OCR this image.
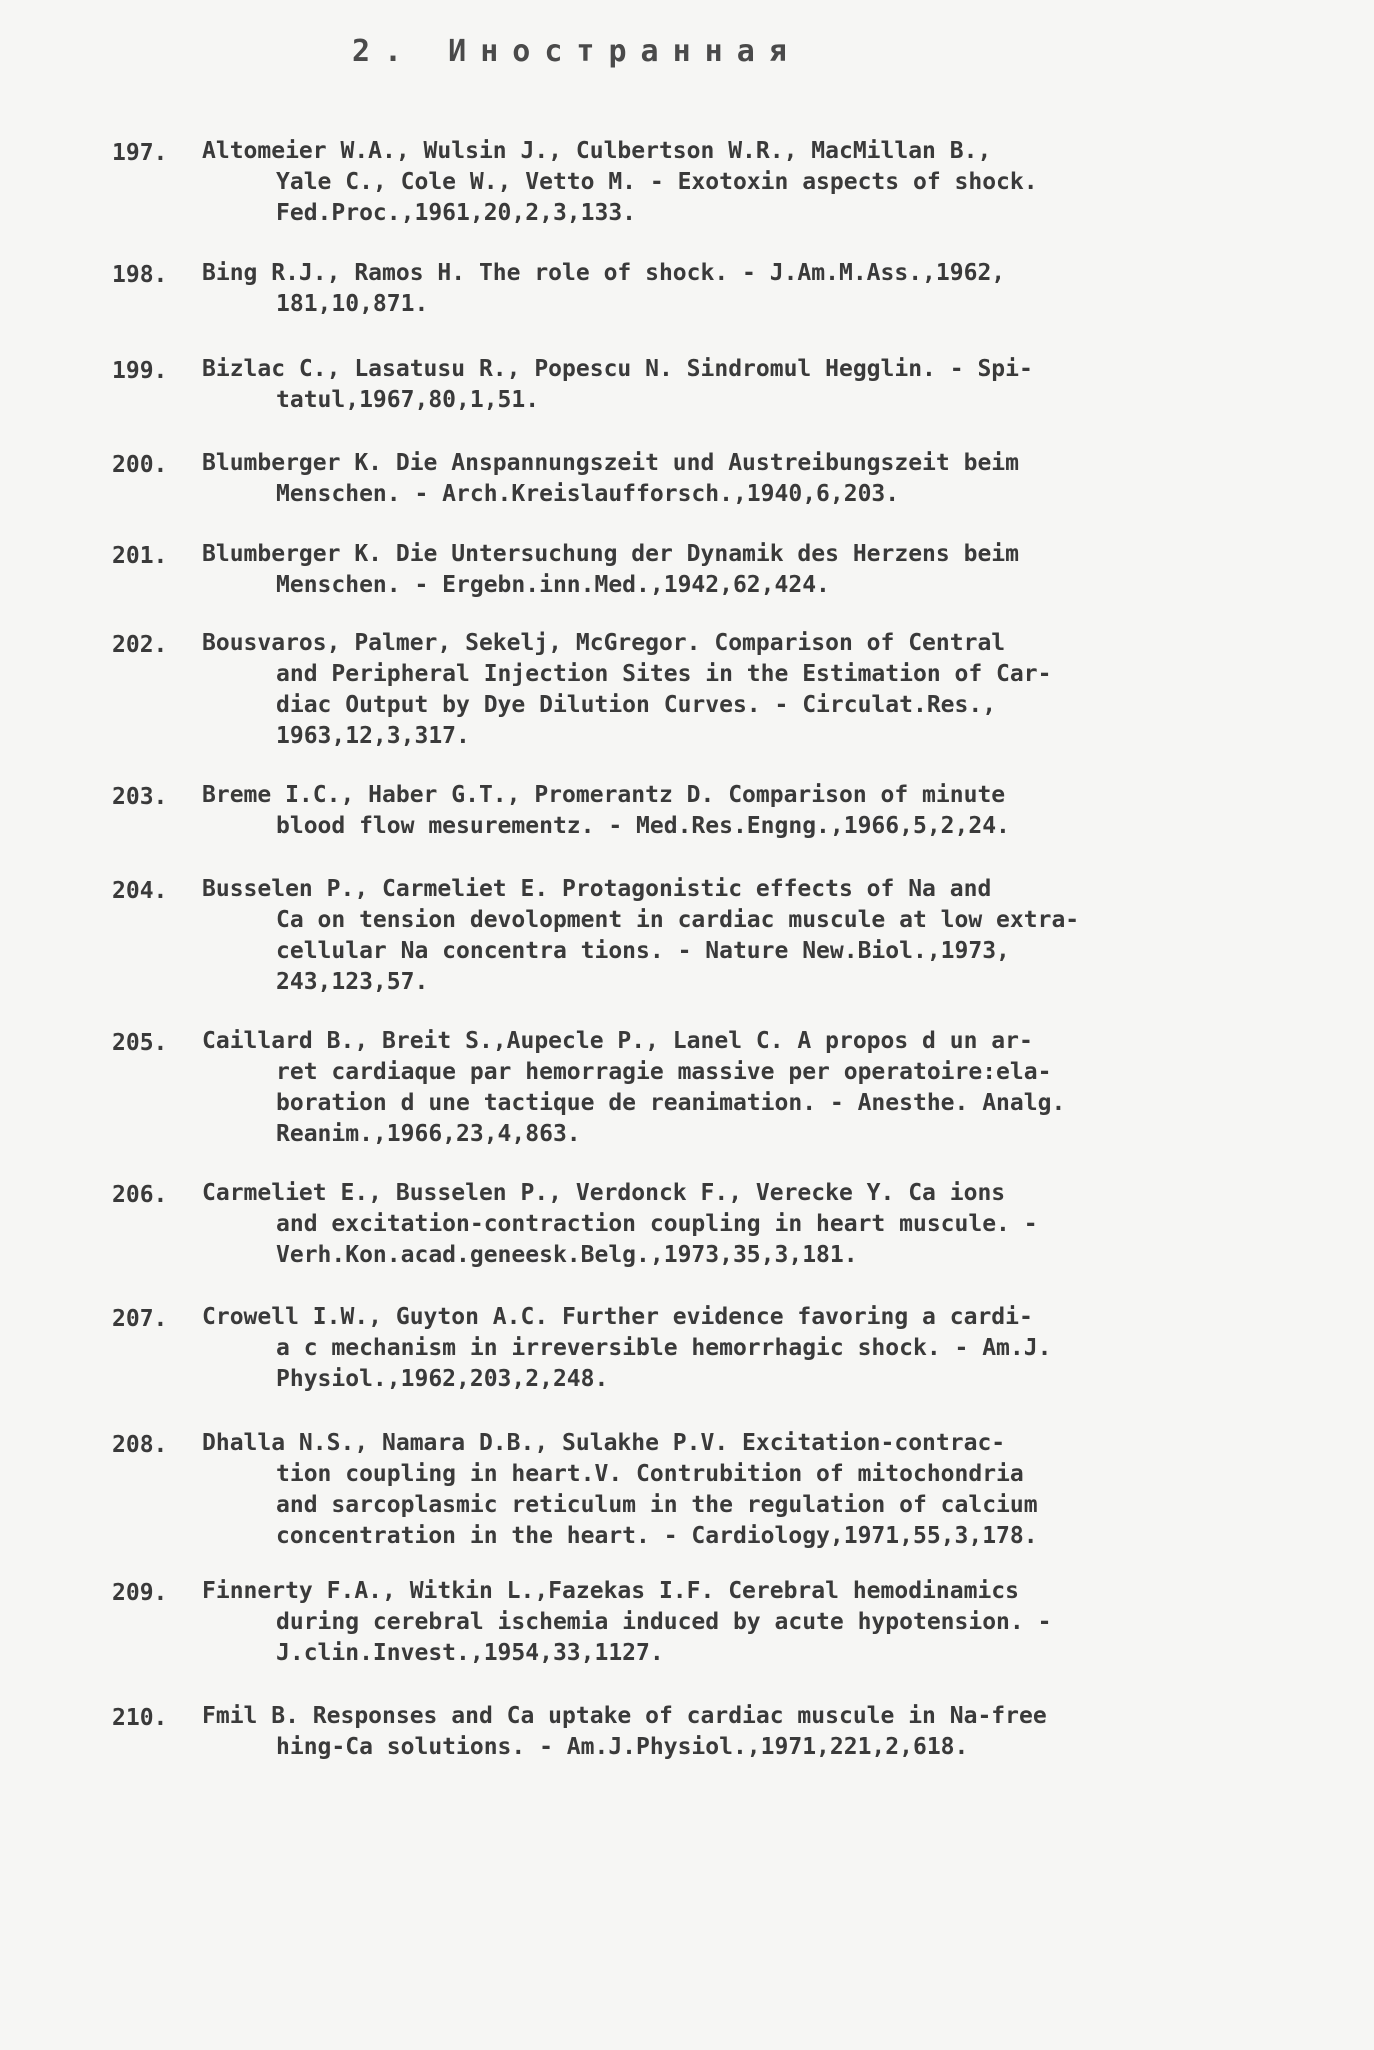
2. Иностранная
197. Altomeier W.A., Wulsin J., Culbertson W.R., MacMillan B.,
Yale C., Cole W., Vetto M. - Exotoxin aspects of shock.
Fed.Proc.,1961,20,2,3,133.
198. Bing R.J., Ramos H. The role of shock. - J.Am.M.Ass.,1962,
181,10,871.
199. Bizlac C., Lasatusu R., Popescu N. Sindromul Hegglin. - Spi-
tatul,1967,80,1,51.
200. Blumberger K. Die Anspannungszeit und Austreibungszeit beim
Menschen. - Arch.Kreislaufforsch.,1940,6,203.
201. Blumberger K. Die Untersuchung der Dynamik des Herzens beim
Menschen. - Ergebn.inn.Med.,1942,62,424.
202. Bousvaros, Palmer, Sekelj, McGregor. Comparison of Central
and Peripheral Injection Sites in the Estimation of Car-
diac Output by Dye Dilution Curves. - Circulat.Res.,
1963,12,3,317.
203. Breme I.C., Haber G.T., Promerantz D. Comparison of minute
blood flow mesurementz. - Med.Res.Engng.,1966,5,2,24.
204. Busselen P., Carmeliet E. Protagonistic effects of Na and
Ca on tension devolopment in cardiac muscule at low extra-
cellular Na concentra tions. - Nature New.Biol.,1973,
243,123,57.
205. Caillard B., Breit S.,Aupecle P., Lanel C. A propos d un ar-
ret cardiaque par hemorragie massive per operatoire:ela-
boration d une tactique de reanimation. - Anesthe. Analg.
Reanim.,1966,23,4,863.
206. Carmeliet E., Busselen P., Verdonck F., Verecke Y. Ca ions
and excitation-contraction coupling in heart muscule. -
Verh.Kon.acad.geneesk.Belg.,1973,35,3,181.
207. Crowell I.W., Guyton A.C. Further evidence favoring a cardi-
a c mechanism in irreversible hemorrhagic shock. - Am.J.
Physiol.,1962,203,2,248.
208. Dhalla N.S., Namara D.B., Sulakhe P.V. Excitation-contrac-
tion coupling in heart.V. Contrubition of mitochondria
and sarcoplasmic reticulum in the regulation of calcium
concentration in the heart. - Cardiology,1971,55,3,178.
209. Finnerty F.A., Witkin L.,Fazekas I.F. Cerebral hemodinamics
during cerebral ischemia induced by acute hypotension. -
J.clin.Invest.,1954,33,1127.
210. Fmil B. Responses and Ca uptake of cardiac muscule in Na-free
hing-Ca solutions. - Am.J.Physiol.,1971,221,2,618.
